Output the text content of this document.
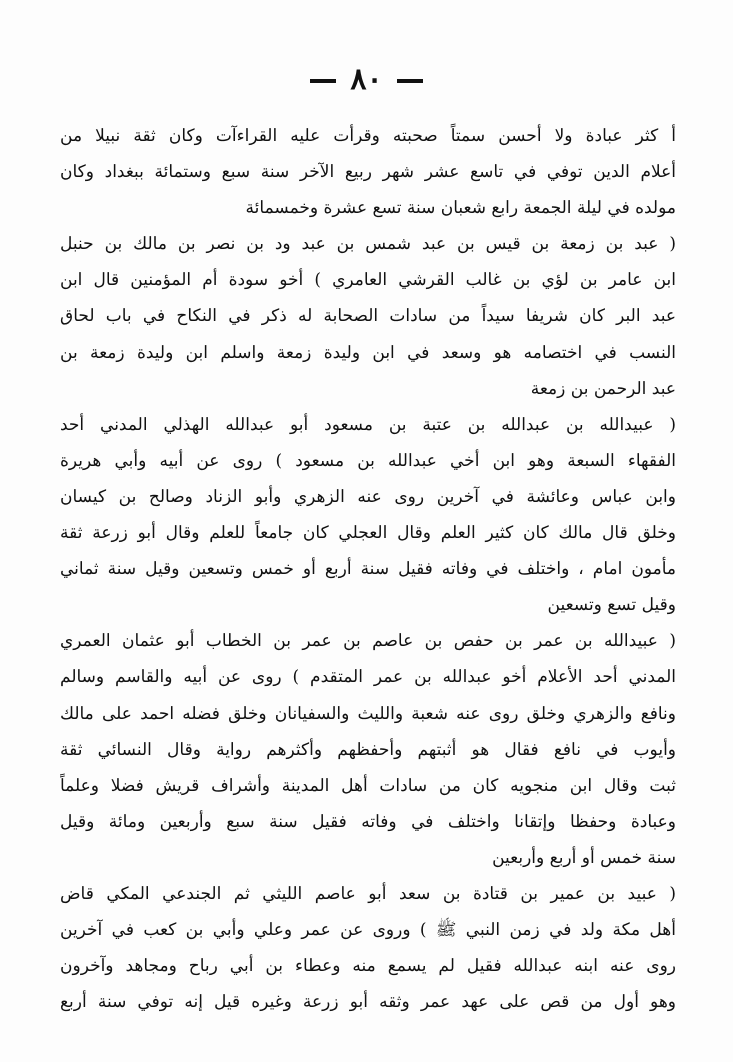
٨٠
أ كثر عبادة ولا أحسن سمتاً صحبته وقرأت عليه القراءآت وكان ثقة نبيلا من
أعلام الدين توفي في تاسع عشر شهر ربيع الآخر سنة سبع وستمائة ببغداد وكان
مولده في ليلة الجمعة رابع شعبان سنة تسع عشرة وخمسمائة
( عبد بن زمعة بن قيس بن عبد شمس بن عبد ود بن نصر بن مالك بن حنبل
ابن عامر بن لؤي بن غالب القرشي العامري ) أخو سودة أم المؤمنين قال ابن
عبد البر كان شريفا سيداً من سادات الصحابة له ذكر في النكاح في باب لحاق
النسب في اختصامه هو وسعد في ابن وليدة زمعة واسلم ابن وليدة زمعة بن
عبد الرحمن بن زمعة
( عبيدالله بن عبدالله بن عتبة بن مسعود أبو عبدالله الهذلي المدني أحد
الفقهاء السبعة وهو ابن أخي عبدالله بن مسعود ) روى عن أبيه وأبي هريرة
وابن عباس وعائشة في آخرين روى عنه الزهري وأبو الزناد وصالح بن كيسان
وخلق قال مالك كان كثير العلم وقال العجلي كان جامعاً للعلم وقال أبو زرعة ثقة
مأمون امام ، واختلف في وفاته فقيل سنة أربع أو خمس وتسعين وقيل سنة ثماني
وقيل تسع وتسعين
( عبيدالله بن عمر بن حفص بن عاصم بن عمر بن الخطاب أبو عثمان العمري
المدني أحد الأعلام أخو عبدالله بن عمر المتقدم ) روى عن أبيه والقاسم وسالم
ونافع والزهري وخلق روى عنه شعبة والليث والسفيانان وخلق فضله احمد على مالك
وأيوب في نافع فقال هو أثبتهم وأحفظهم وأكثرهم رواية وقال النسائي ثقة
ثبت وقال ابن منجويه كان من سادات أهل المدينة وأشراف قريش فضلا وعلماً
وعبادة وحفظا وإتقانا واختلف في وفاته فقيل سنة سبع وأربعين ومائة وقيل
سنة خمس أو أربع وأربعين
( عبيد بن عمير بن قتادة بن سعد أبو عاصم الليثي ثم الجندعي المكي قاض
أهل مكة ولد في زمن النبي ﷺ ) وروى عن عمر وعلي وأبي بن كعب في آخرين
روى عنه ابنه عبدالله فقيل لم يسمع منه وعطاء بن أبي رباح ومجاهد وآخرون
وهو أول من قص على عهد عمر وثقه أبو زرعة وغيره قيل إنه توفي سنة أربع
